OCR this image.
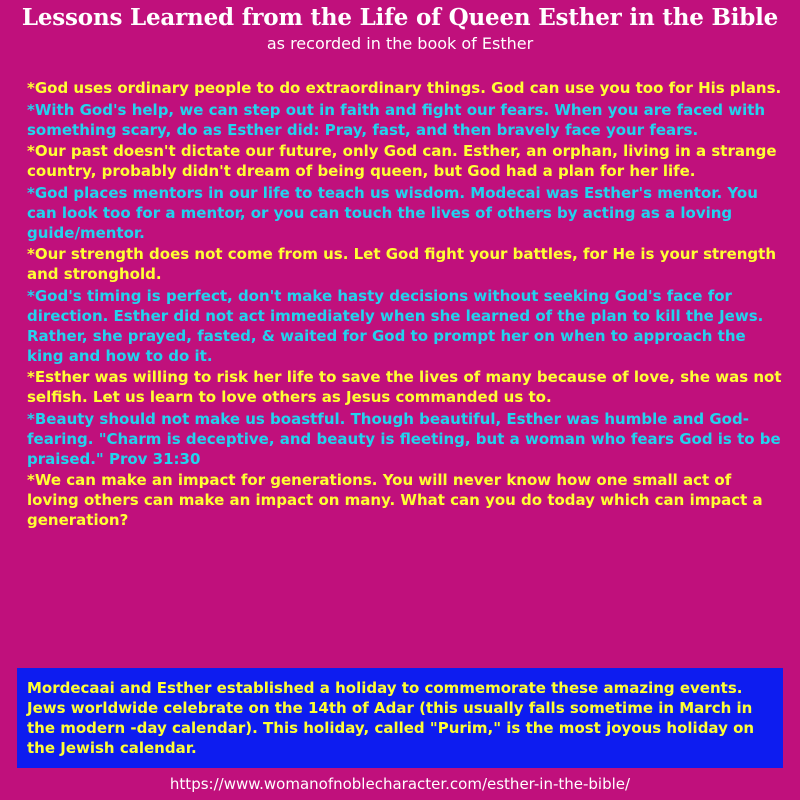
Lessons Learned from the Life of Queen Esther in the Bible
as recorded in the book of Esther

*God uses ordinary people to do extraordinary things. God can use you too for His plans.

*With God's help, we can step out in faith and fight our fears. When you are faced with something scary, do as Esther did: Pray, fast, and then bravely face your fears.

*Our past doesn't dictate our future, only God can. Esther, an orphan, living in a strange country, probably didn't dream of being queen, but God had a plan for her life.

*God places mentors in our life to teach us wisdom. Modecai was Esther's mentor. You can look too for a mentor, or you can touch the lives of others by acting as a loving guide/mentor.

*Our strength does not come from us. Let God fight your battles, for He is your strength and stronghold.

*God's timing is perfect, don't make hasty decisions without seeking God's face for direction. Esther did not act immediately when she learned of the plan to kill the Jews. Rather, she prayed, fasted, & waited for God to prompt her on when to approach the king and how to do it.

*Esther was willing to risk her life to save the lives of many because of love, she was not selfish. Let us learn to love others as Jesus commanded us to.

*Beauty should not make us boastful. Though beautiful, Esther was humble and God-fearing. "Charm is deceptive, and beauty is fleeting, but a woman who fears God is to be praised." Prov 31:30

*We can make an impact for generations. You will never know how one small act of loving others can make an impact on many. What can you do today which can impact a generation?

Mordecaai and Esther established a holiday to commemorate these amazing events. Jews worldwide celebrate on the 14th of Adar (this usually falls sometime in March in the modern -day calendar). This holiday, called "Purim," is the most joyous holiday on the Jewish calendar.
https://www.womanofnoblecharacter.com/esther-in-the-bible/
